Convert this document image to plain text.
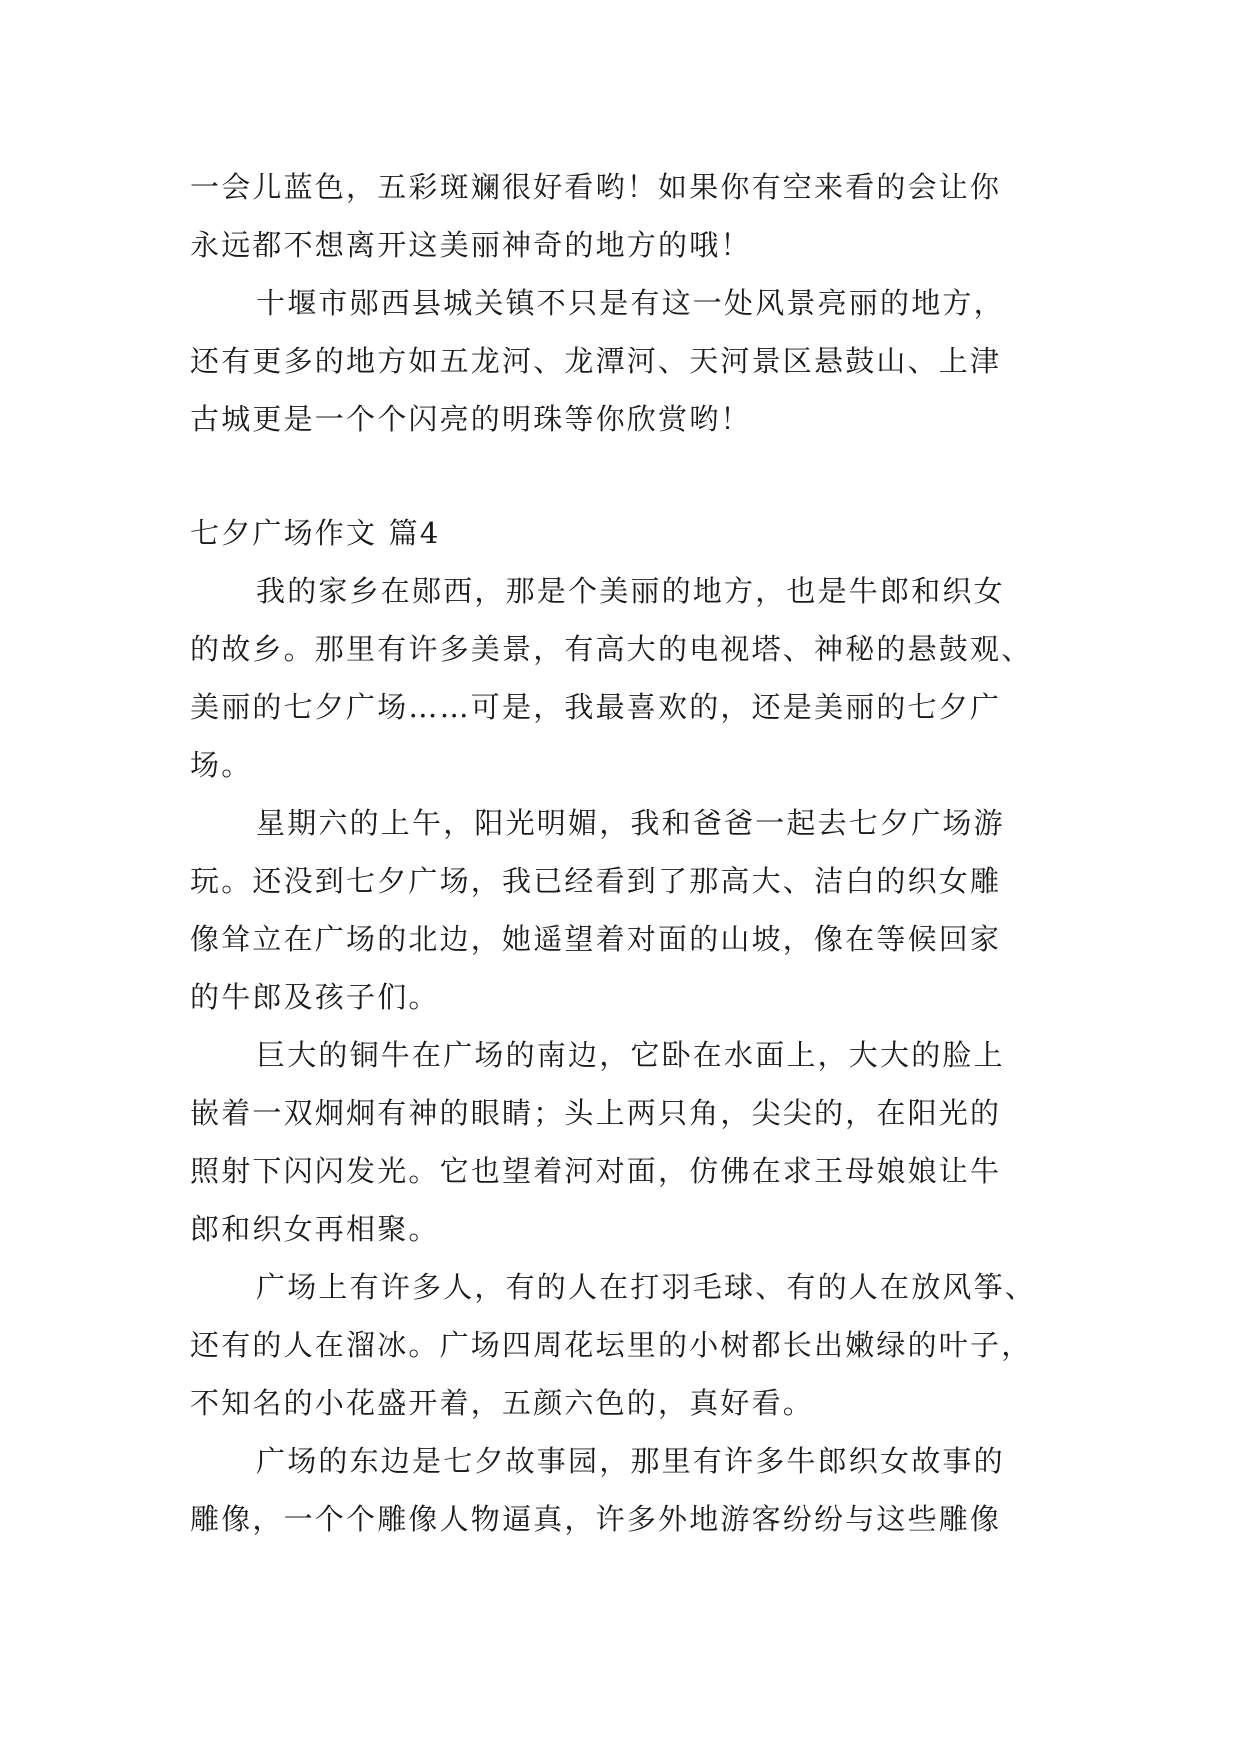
一会儿蓝色，五彩斑斓很好看哟！如果你有空来看的会让你
永远都不想离开这美丽神奇的地方的哦！
十堰市郧西县城关镇不只是有这一处风景亮丽的地方，
还有更多的地方如五龙河、龙潭河、天河景区悬鼓山、上津
古城更是一个个闪亮的明珠等你欣赏哟！
七夕广场作文 篇4
我的家乡在郧西，那是个美丽的地方，也是牛郎和织女
的故乡。那里有许多美景，有高大的电视塔、神秘的悬鼓观、
美丽的七夕广场……可是，我最喜欢的，还是美丽的七夕广
场。
星期六的上午，阳光明媚，我和爸爸一起去七夕广场游
玩。还没到七夕广场，我已经看到了那高大、洁白的织女雕
像耸立在广场的北边，她遥望着对面的山坡，像在等候回家
的牛郎及孩子们。
巨大的铜牛在广场的南边，它卧在水面上，大大的脸上
嵌着一双炯炯有神的眼睛；头上两只角，尖尖的，在阳光的
照射下闪闪发光。它也望着河对面，仿佛在求王母娘娘让牛
郎和织女再相聚。
广场上有许多人，有的人在打羽毛球、有的人在放风筝、
还有的人在溜冰。广场四周花坛里的小树都长出嫩绿的叶子，
不知名的小花盛开着，五颜六色的，真好看。
广场的东边是七夕故事园，那里有许多牛郎织女故事的
雕像，一个个雕像人物逼真，许多外地游客纷纷与这些雕像
